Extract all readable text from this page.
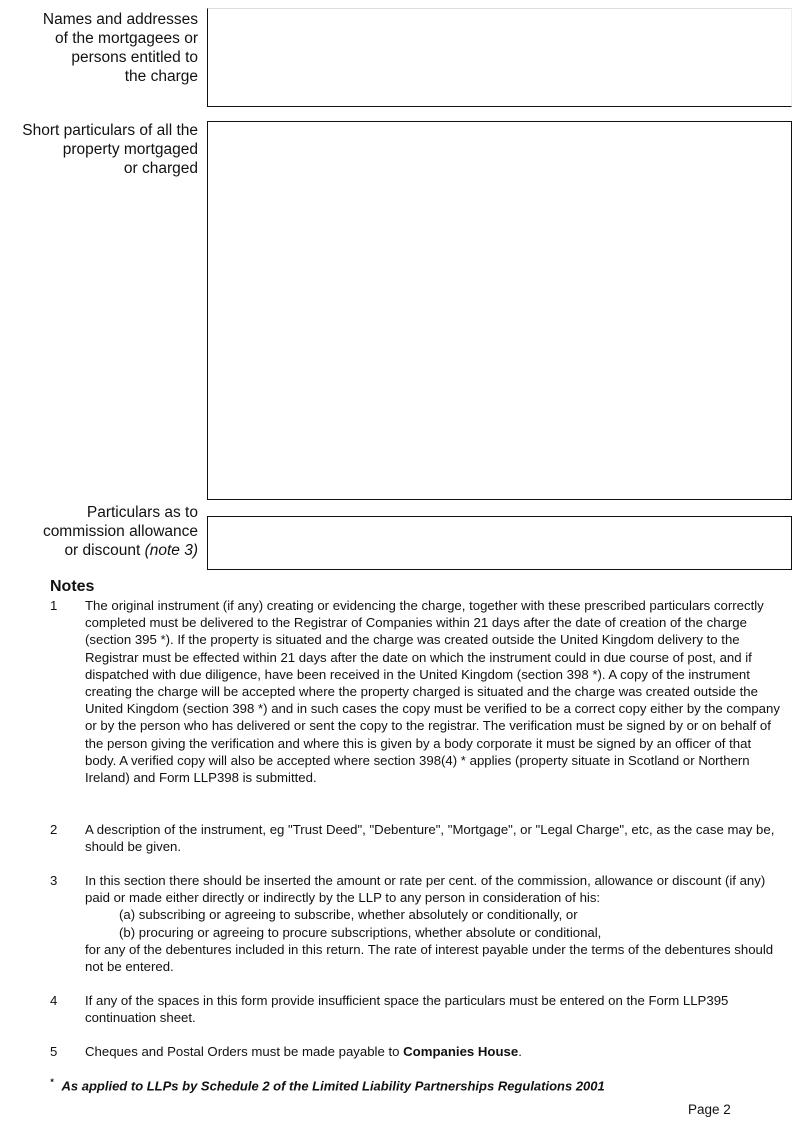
Names and addresses
of the mortgagees or
persons entitled to
the charge
Short particulars of all the
property mortgaged
or charged
Particulars as to
commission allowance
or discount (note 3)
Notes
1 The original instrument (if any) creating or evidencing the charge, together with these prescribed particulars correctly completed must be delivered to the Registrar of Companies within 21 days after the date of creation of the charge (section 395 *). If the property is situated and the charge was created outside the United Kingdom delivery to the Registrar must be effected within 21 days after the date on which the instrument could in due course of post, and if dispatched with due diligence, have been received in the United Kingdom (section 398 *). A copy of the instrument creating the charge will be accepted where the property charged is situated and the charge was created outside the United Kingdom (section 398 *) and in such cases the copy must be verified to be a correct copy either by the company or by the person who has delivered or sent the copy to the registrar. The verification must be signed by or on behalf of the person giving the verification and where this is given by a body corporate it must be signed by an officer of that body. A verified copy will also be accepted where section 398(4) * applies (property situate in Scotland or Northern Ireland) and Form LLP398 is submitted.
2 A description of the instrument, eg "Trust Deed", "Debenture", "Mortgage", or "Legal Charge", etc, as the case may be, should be given.
3 In this section there should be inserted the amount or rate per cent. of the commission, allowance or discount (if any) paid or made either directly or indirectly by the LLP to any person in consideration of his:
(a) subscribing or agreeing to subscribe, whether absolutely or conditionally, or
(b) procuring or agreeing to procure subscriptions, whether absolute or conditional,
for any of the debentures included in this return. The rate of interest payable under the terms of the debentures should not be entered.
4 If any of the spaces in this form provide insufficient space the particulars must be entered on the Form LLP395 continuation sheet.
5 Cheques and Postal Orders must be made payable to Companies House.
* As applied to LLPs by Schedule 2 of the Limited Liability Partnerships Regulations 2001
Page 2
